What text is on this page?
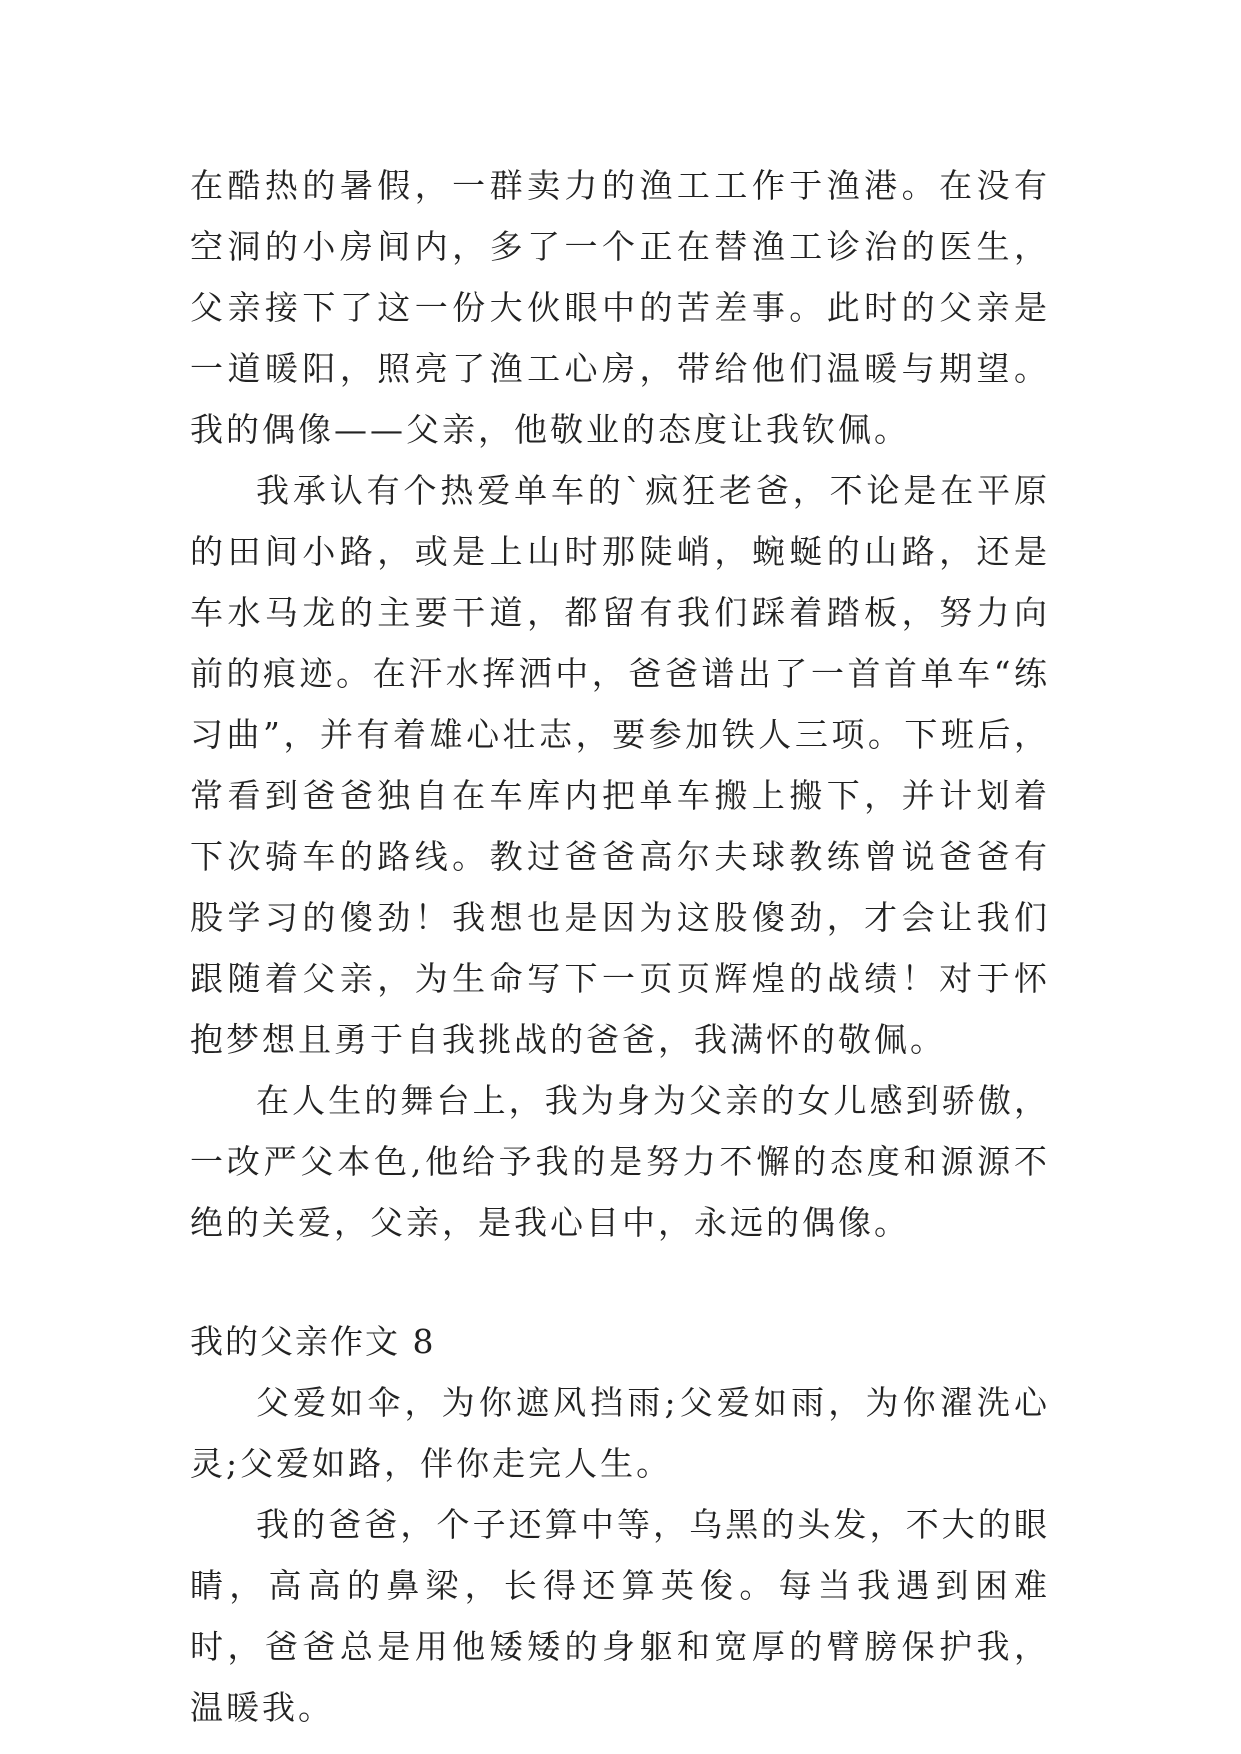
在酷热的暑假，一群卖力的渔工工作于渔港。在没有空洞的小房间内，多了一个正在替渔工诊治的医生，父亲接下了这一份大伙眼中的苦差事。此时的父亲是一道暖阳，照亮了渔工心房，带给他们温暖与期望。我的偶像——父亲，他敬业的态度让我钦佩。

我承认有个热爱单车的`疯狂老爸，不论是在平原的田间小路，或是上山时那陡峭，蜿蜒的山路，还是车水马龙的主要干道，都留有我们踩着踏板，努力向前的痕迹。在汗水挥洒中，爸爸谱出了一首首单车“练习曲”，并有着雄心壮志，要参加铁人三项。下班后，常看到爸爸独自在车库内把单车搬上搬下，并计划着下次骑车的路线。教过爸爸高尔夫球教练曾说爸爸有股学习的傻劲！我想也是因为这股傻劲，才会让我们跟随着父亲，为生命写下一页页辉煌的战绩！对于怀抱梦想且勇于自我挑战的爸爸，我满怀的敬佩。

在人生的舞台上，我为身为父亲的女儿感到骄傲，一改严父本色,他给予我的是努力不懈的态度和源源不绝的关爱，父亲，是我心目中，永远的偶像。

我的父亲作文 8

父爱如伞，为你遮风挡雨;父爱如雨，为你濯洗心灵;父爱如路，伴你走完人生。

我的爸爸，个子还算中等，乌黑的头发，不大的眼睛，高高的鼻梁，长得还算英俊。每当我遇到困难时，爸爸总是用他矮矮的身躯和宽厚的臂膀保护我，温暖我。
